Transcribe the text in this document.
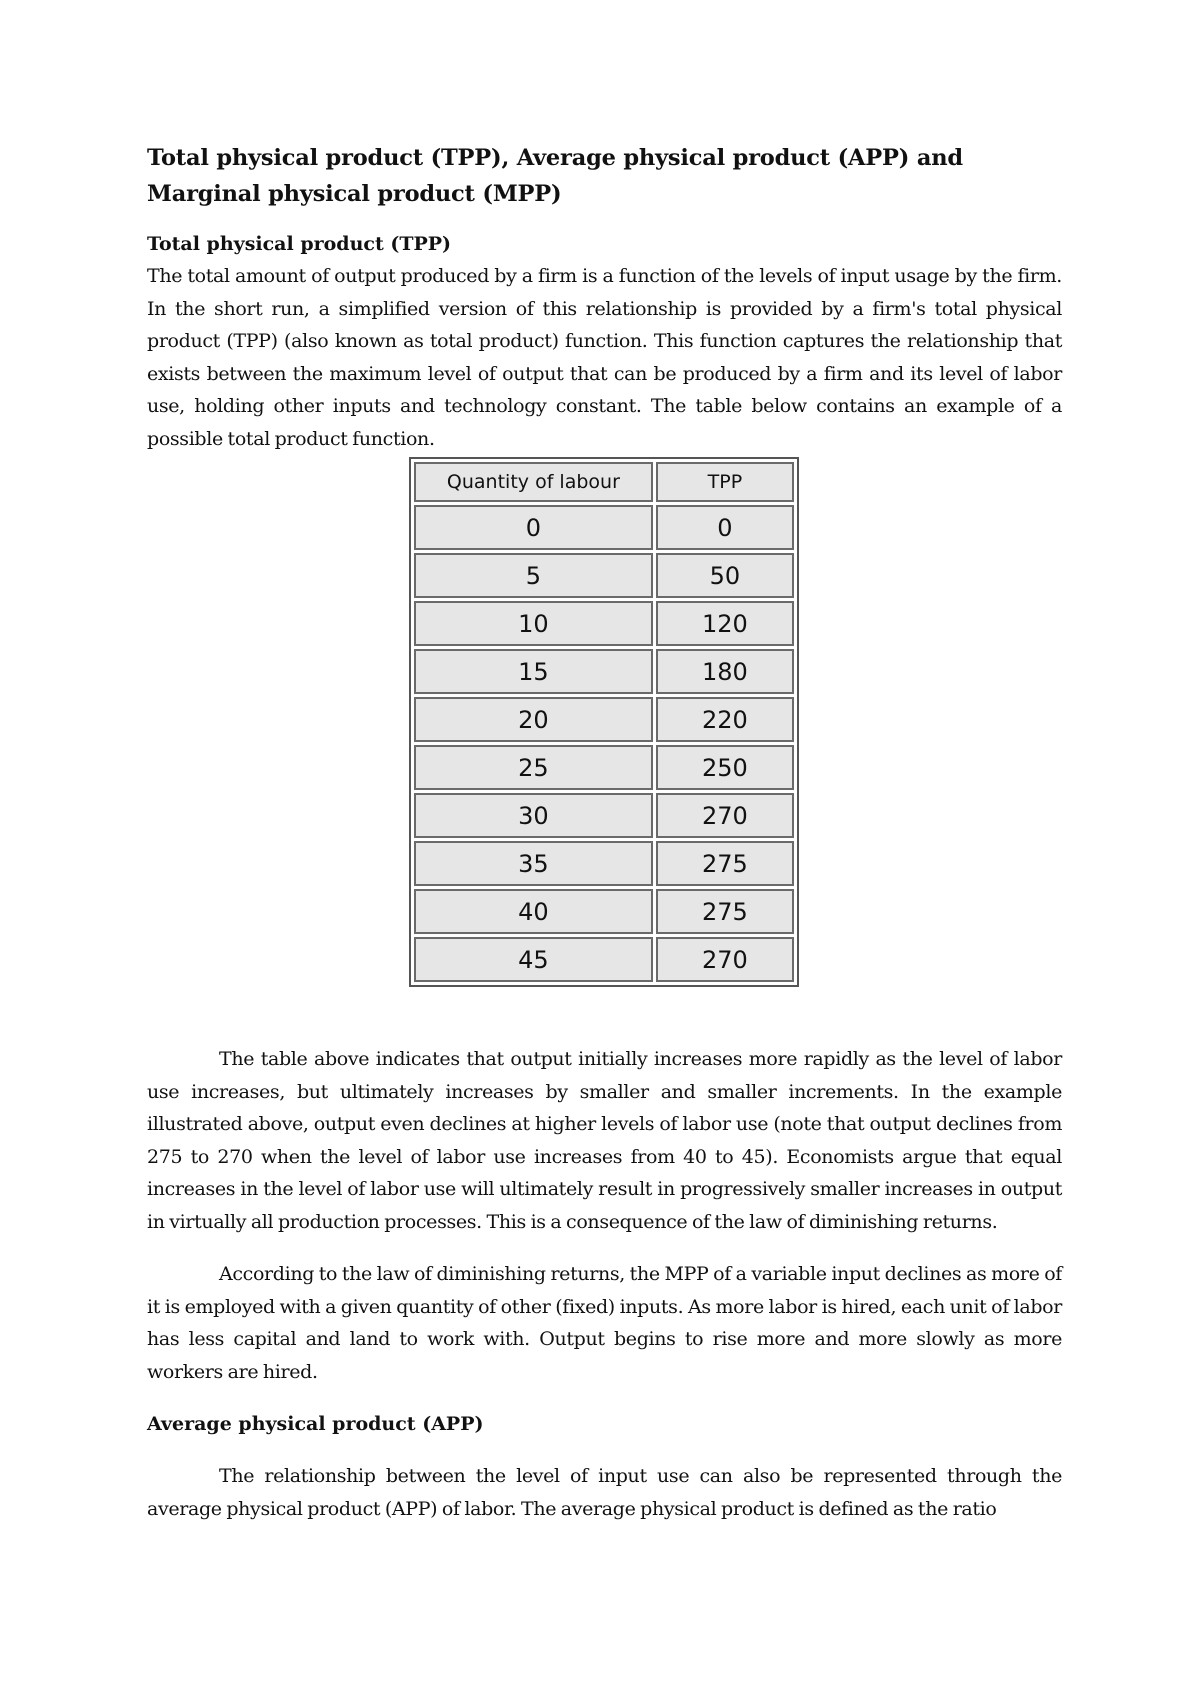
Total physical product (TPP), Average physical product (APP) and
Marginal physical product (MPP)
Total physical product (TPP)

The total amount of output produced by a firm is a function of the levels of input usage by the firm. In the short run, a simplified version of this relationship is provided by a firm's total physical product (TPP) (also known as total product) function. This function captures the relationship that exists between the maximum level of output that can be produced by a firm and its level of labor use, holding other inputs and technology constant. The table below contains an example of a possible total product function.

Quantity of labour	TPP
0	0
5	50
10	120
15	180
20	220
25	250
30	270
35	275
40	275
45	270

The table above indicates that output initially increases more rapidly as the level of labor use increases, but ultimately increases by smaller and smaller increments. In the example illustrated above, output even declines at higher levels of labor use (note that output declines from 275 to 270 when the level of labor use increases from 40 to 45). Economists argue that equal increases in the level of labor use will ultimately result in progressively smaller increases in output in virtually all production processes. This is a consequence of the law of diminishing returns.

According to the law of diminishing returns, the MPP of a variable input declines as more of it is employed with a given quantity of other (fixed) inputs. As more labor is hired, each unit of labor has less capital and land to work with. Output begins to rise more and more slowly as more workers are hired.

Average physical product (APP)

The relationship between the level of input use can also be represented through the average physical product (APP) of labor. The average physical product is defined as the ratio
